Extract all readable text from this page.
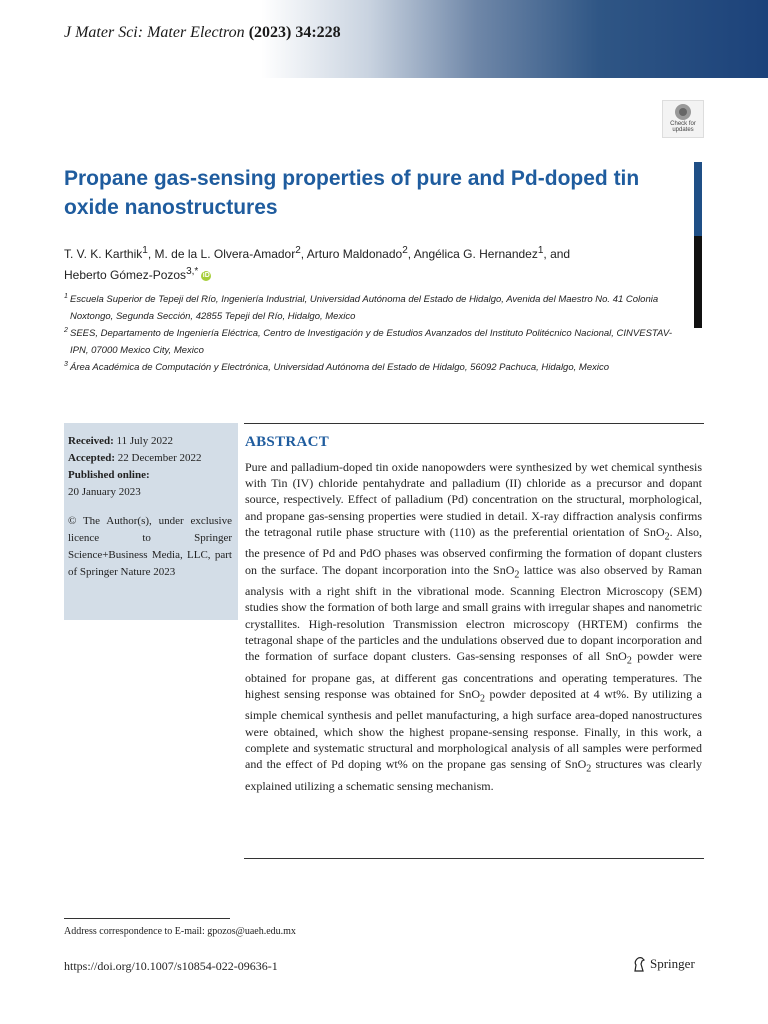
J Mater Sci: Mater Electron (2023) 34:228
Check for updates
Propane gas-sensing properties of pure and Pd-doped tin oxide nanostructures
T. V. K. Karthik$^1$, M. de la L. Olvera-Amador$^2$, Arturo Maldonado$^2$, Angélica G. Hernandez$^1$, and
Heberto Gómez-Pozos$^{3,*}$ iD
1 Escuela Superior de Tepeji del Río, Ingeniería Industrial, Universidad Autónoma del Estado de Hidalgo, Avenida del Maestro No. 41 Colonia Noxtongo, Segunda Sección, 42855 Tepeji del Río, Hidalgo, Mexico
2 SEES, Departamento de Ingeniería Eléctrica, Centro de Investigación y de Estudios Avanzados del Instituto Politécnico Nacional, CINVESTAV-IPN, 07000 Mexico City, Mexico
3 Área Académica de Computación y Electrónica, Universidad Autónoma del Estado de Hidalgo, 56092 Pachuca, Hidalgo, Mexico
Received: 11 July 2022
Accepted: 22 December 2022
Published online:
20 January 2023
© The Author(s), under exclusive licence to Springer Science+Business Media, LLC, part of Springer Nature 2023
ABSTRACT
Pure and palladium-doped tin oxide nanopowders were synthesized by wet chemical synthesis with Tin (IV) chloride pentahydrate and palladium (II) chloride as a precursor and dopant source, respectively. Effect of palladium (Pd) concentration on the structural, morphological, and propane gas-sensing properties were studied in detail. X-ray diffraction analysis confirms the tetragonal rutile phase structure with (110) as the preferential orientation of SnO$_2$. Also, the presence of Pd and PdO phases was observed confirming the formation of dopant clusters on the surface. The dopant incorporation into the SnO$_2$ lattice was also observed by Raman analysis with a right shift in the vibrational mode. Scanning Electron Microscopy (SEM) studies show the formation of both large and small grains with irregular shapes and nanometric crystallites. High-resolution Transmission electron microscopy (HRTEM) confirms the tetragonal shape of the particles and the undulations observed due to dopant incorporation and the formation of surface dopant clusters. Gas-sensing responses of all SnO$_2$ powder were obtained for propane gas, at different gas concentrations and operating temperatures. The highest sensing response was obtained for SnO$_2$ powder deposited at 4 wt%. By utilizing a simple chemical synthesis and pellet manufacturing, a high surface area-doped nanostructures were obtained, which show the highest propane-sensing response. Finally, in this work, a complete and systematic structural and morphological analysis of all samples were performed and the effect of Pd doping wt% on the propane gas sensing of SnO$_2$ structures was clearly explained utilizing a schematic sensing mechanism.
Address correspondence to E-mail: gpozos@uaeh.edu.mx
https://doi.org/10.1007/s10854-022-09636-1	Springer
